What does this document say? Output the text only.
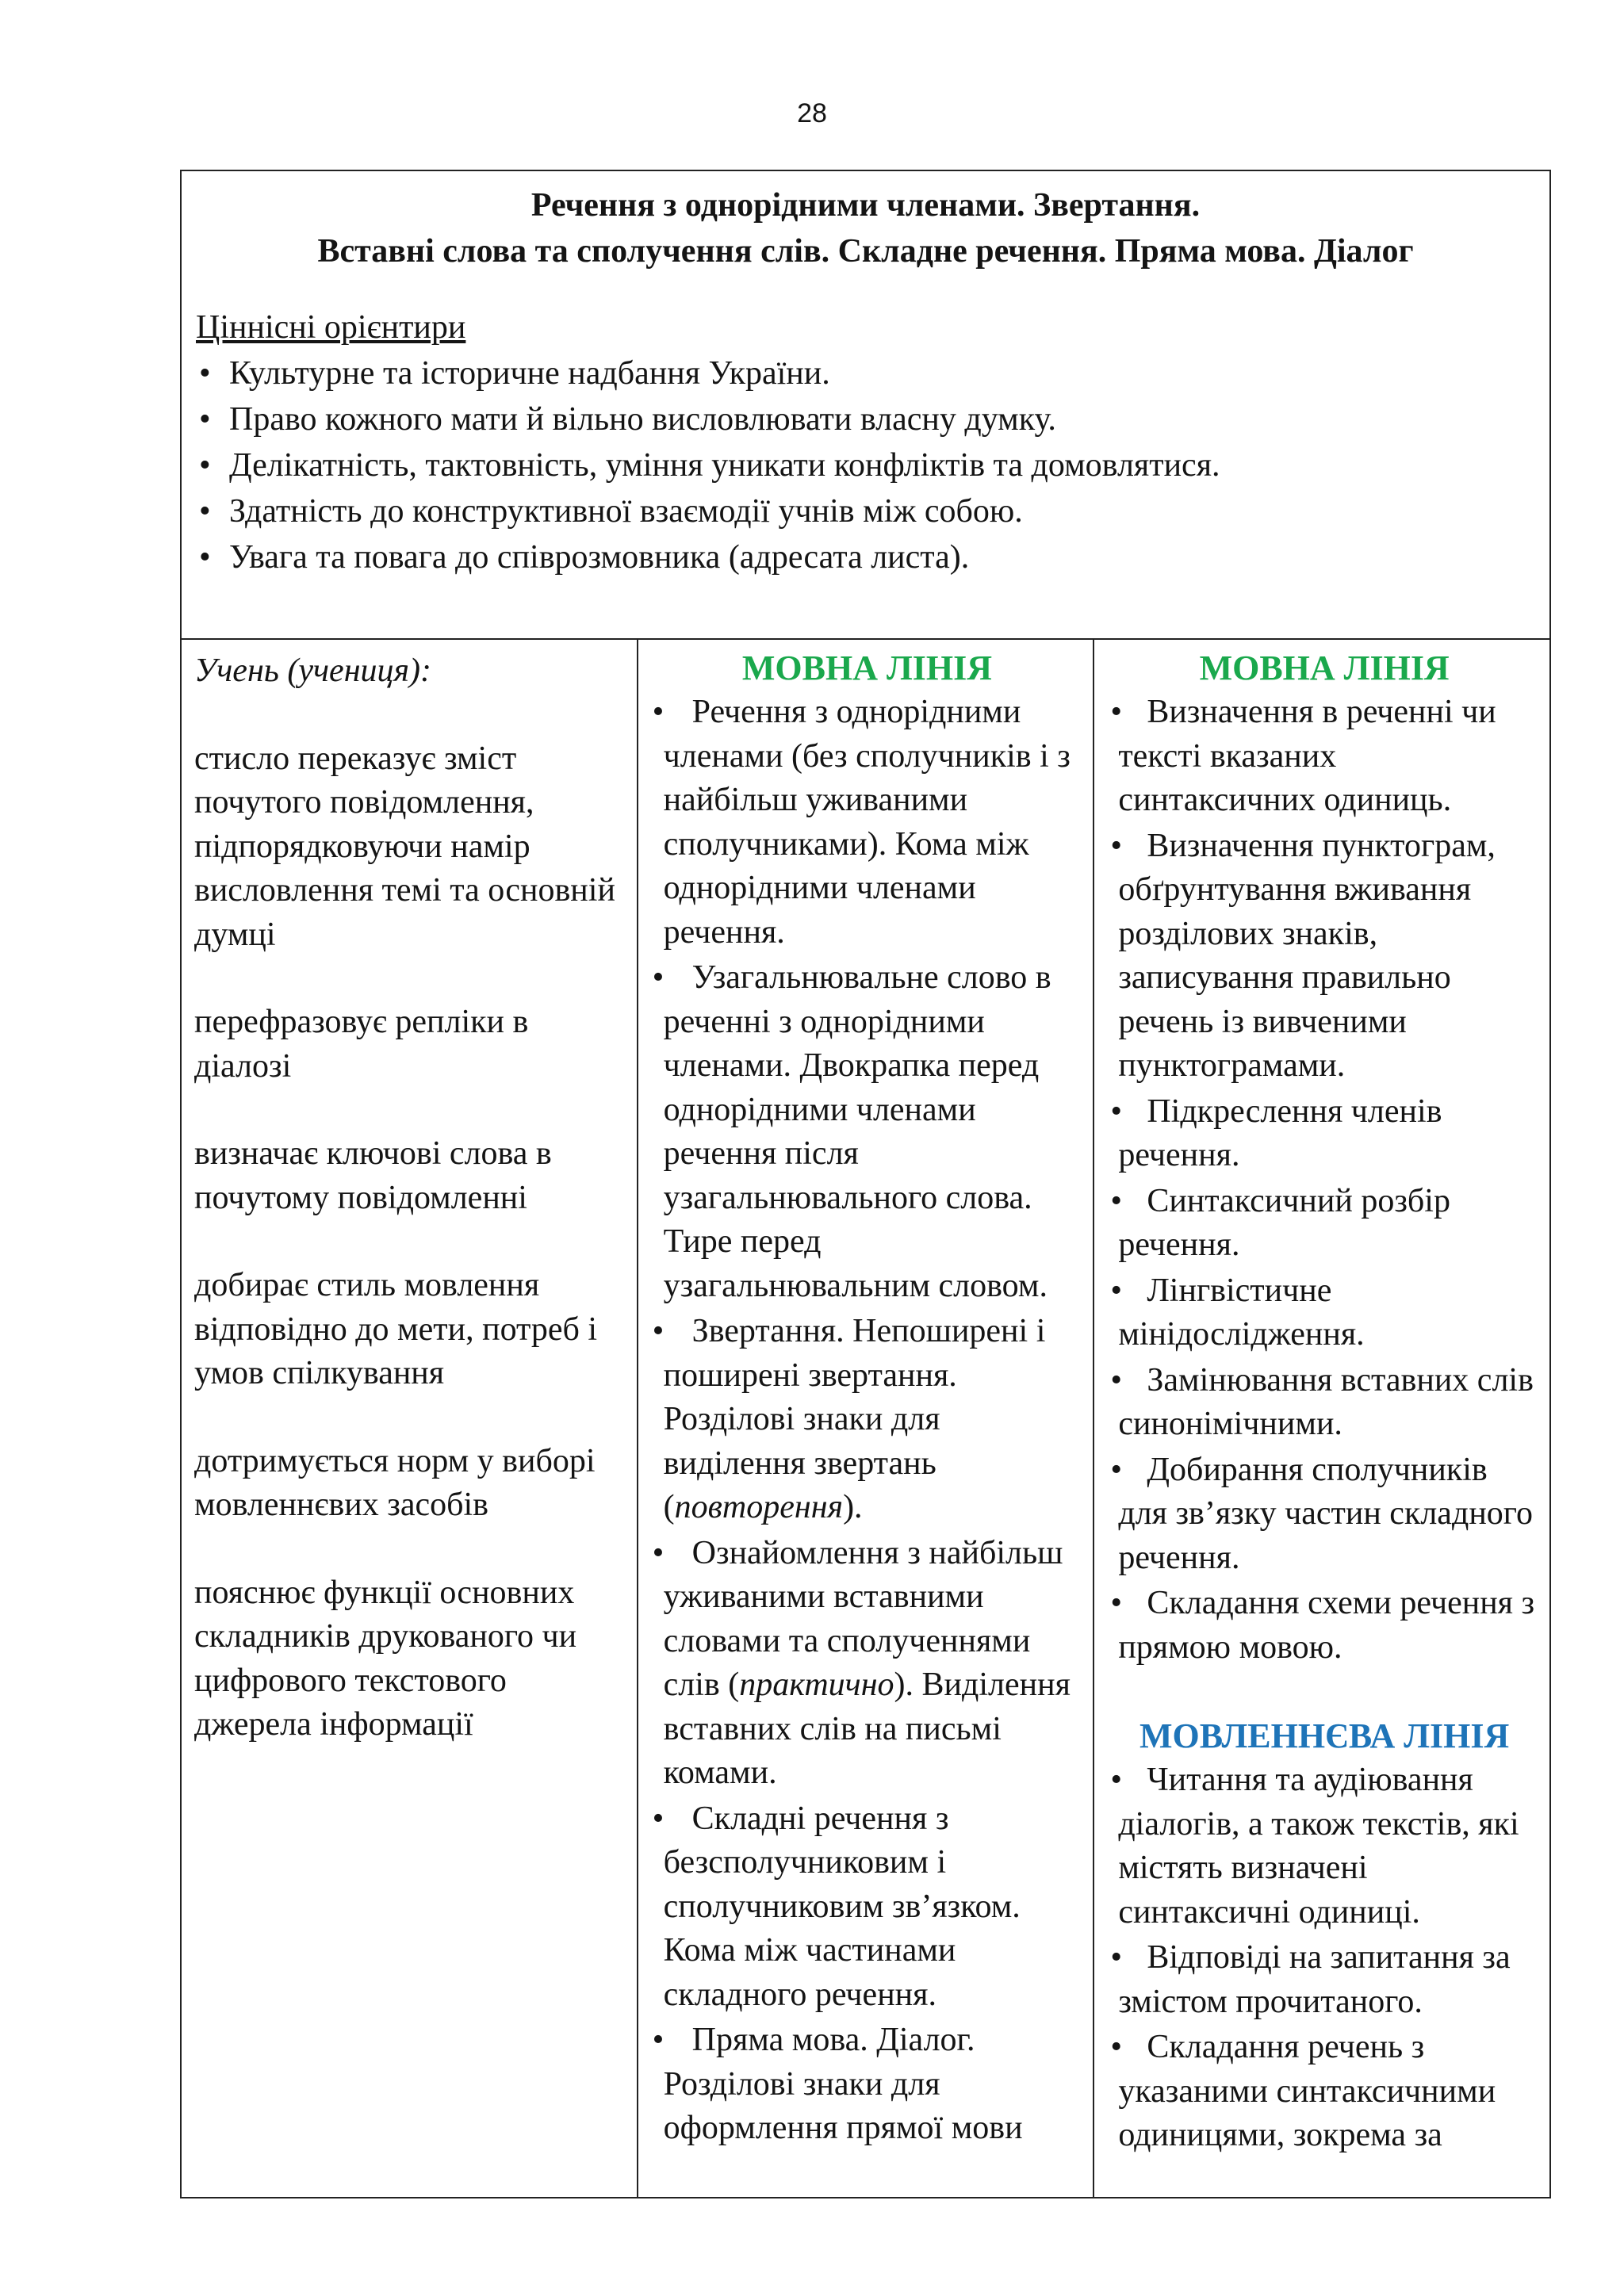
28
Речення з однорідними членами. Звертання.
Вставні слова та сполучення слів. Складне речення. Пряма мова. Діалог
Ціннісні орієнтири
• Культурне та історичне надбання України.
• Право кожного мати й вільно висловлювати власну думку.
• Делікатність, тактовність, уміння уникати конфліктів та домовлятися.
• Здатність до конструктивної взаємодії учнів між собою.
• Увага та повага до співрозмовника (адресата листа).

Учень (учениця):
стисло переказує зміст почутого повідомлення, підпорядковуючи намір висловлення темі та основній думці
перефразовує репліки в діалозі
визначає ключові слова в почутому повідомленні
добирає стиль мовлення відповідно до мети, потреб і умов спілкування
дотримується норм у виборі мовленнєвих засобів
пояснює функції основних складників друкованого чи цифрового текстового джерела інформації

МОВНА ЛІНІЯ
• Речення з однорідними членами (без сполучників і з найбільш уживаними сполучниками). Кома між однорідними членами речення.
• Узагальнювальне слово в реченні з однорідними членами. Двокрапка перед однорідними членами речення після узагальнювального слова. Тире перед узагальнювальним словом.
• Звертання. Непоширені і поширені звертання. Розділові знаки для виділення звертань (повторення).
• Ознайомлення з найбільш уживаними вставними словами та сполученнями слів (практично). Виділення вставних слів на письмі комами.
• Складні речення з безсполучниковим і сполучниковим зв’язком. Кома між частинами складного речення.
• Пряма мова. Діалог. Розділові знаки для оформлення прямої мови

МОВНА ЛІНІЯ
• Визначення в реченні чи тексті вказаних синтаксичних одиниць.
• Визначення пунктограм, обґрунтування вживання розділових знаків, записування правильно речень із вивченими пунктограмами.
• Підкреслення членів речення.
• Синтаксичний розбір речення.
• Лінгвістичне мінідослідження.
• Замінювання вставних слів синонімічними.
• Добирання сполучників для зв’язку частин складного речення.
• Складання схеми речення з прямою мовою.
МОВЛЕННЄВА ЛІНІЯ
• Читання та аудіювання діалогів, а також текстів, які містять визначені синтаксичні одиниці.
• Відповіді на запитання за змістом прочитаного.
• Складання речень з указаними синтаксичними одиницями, зокрема за
